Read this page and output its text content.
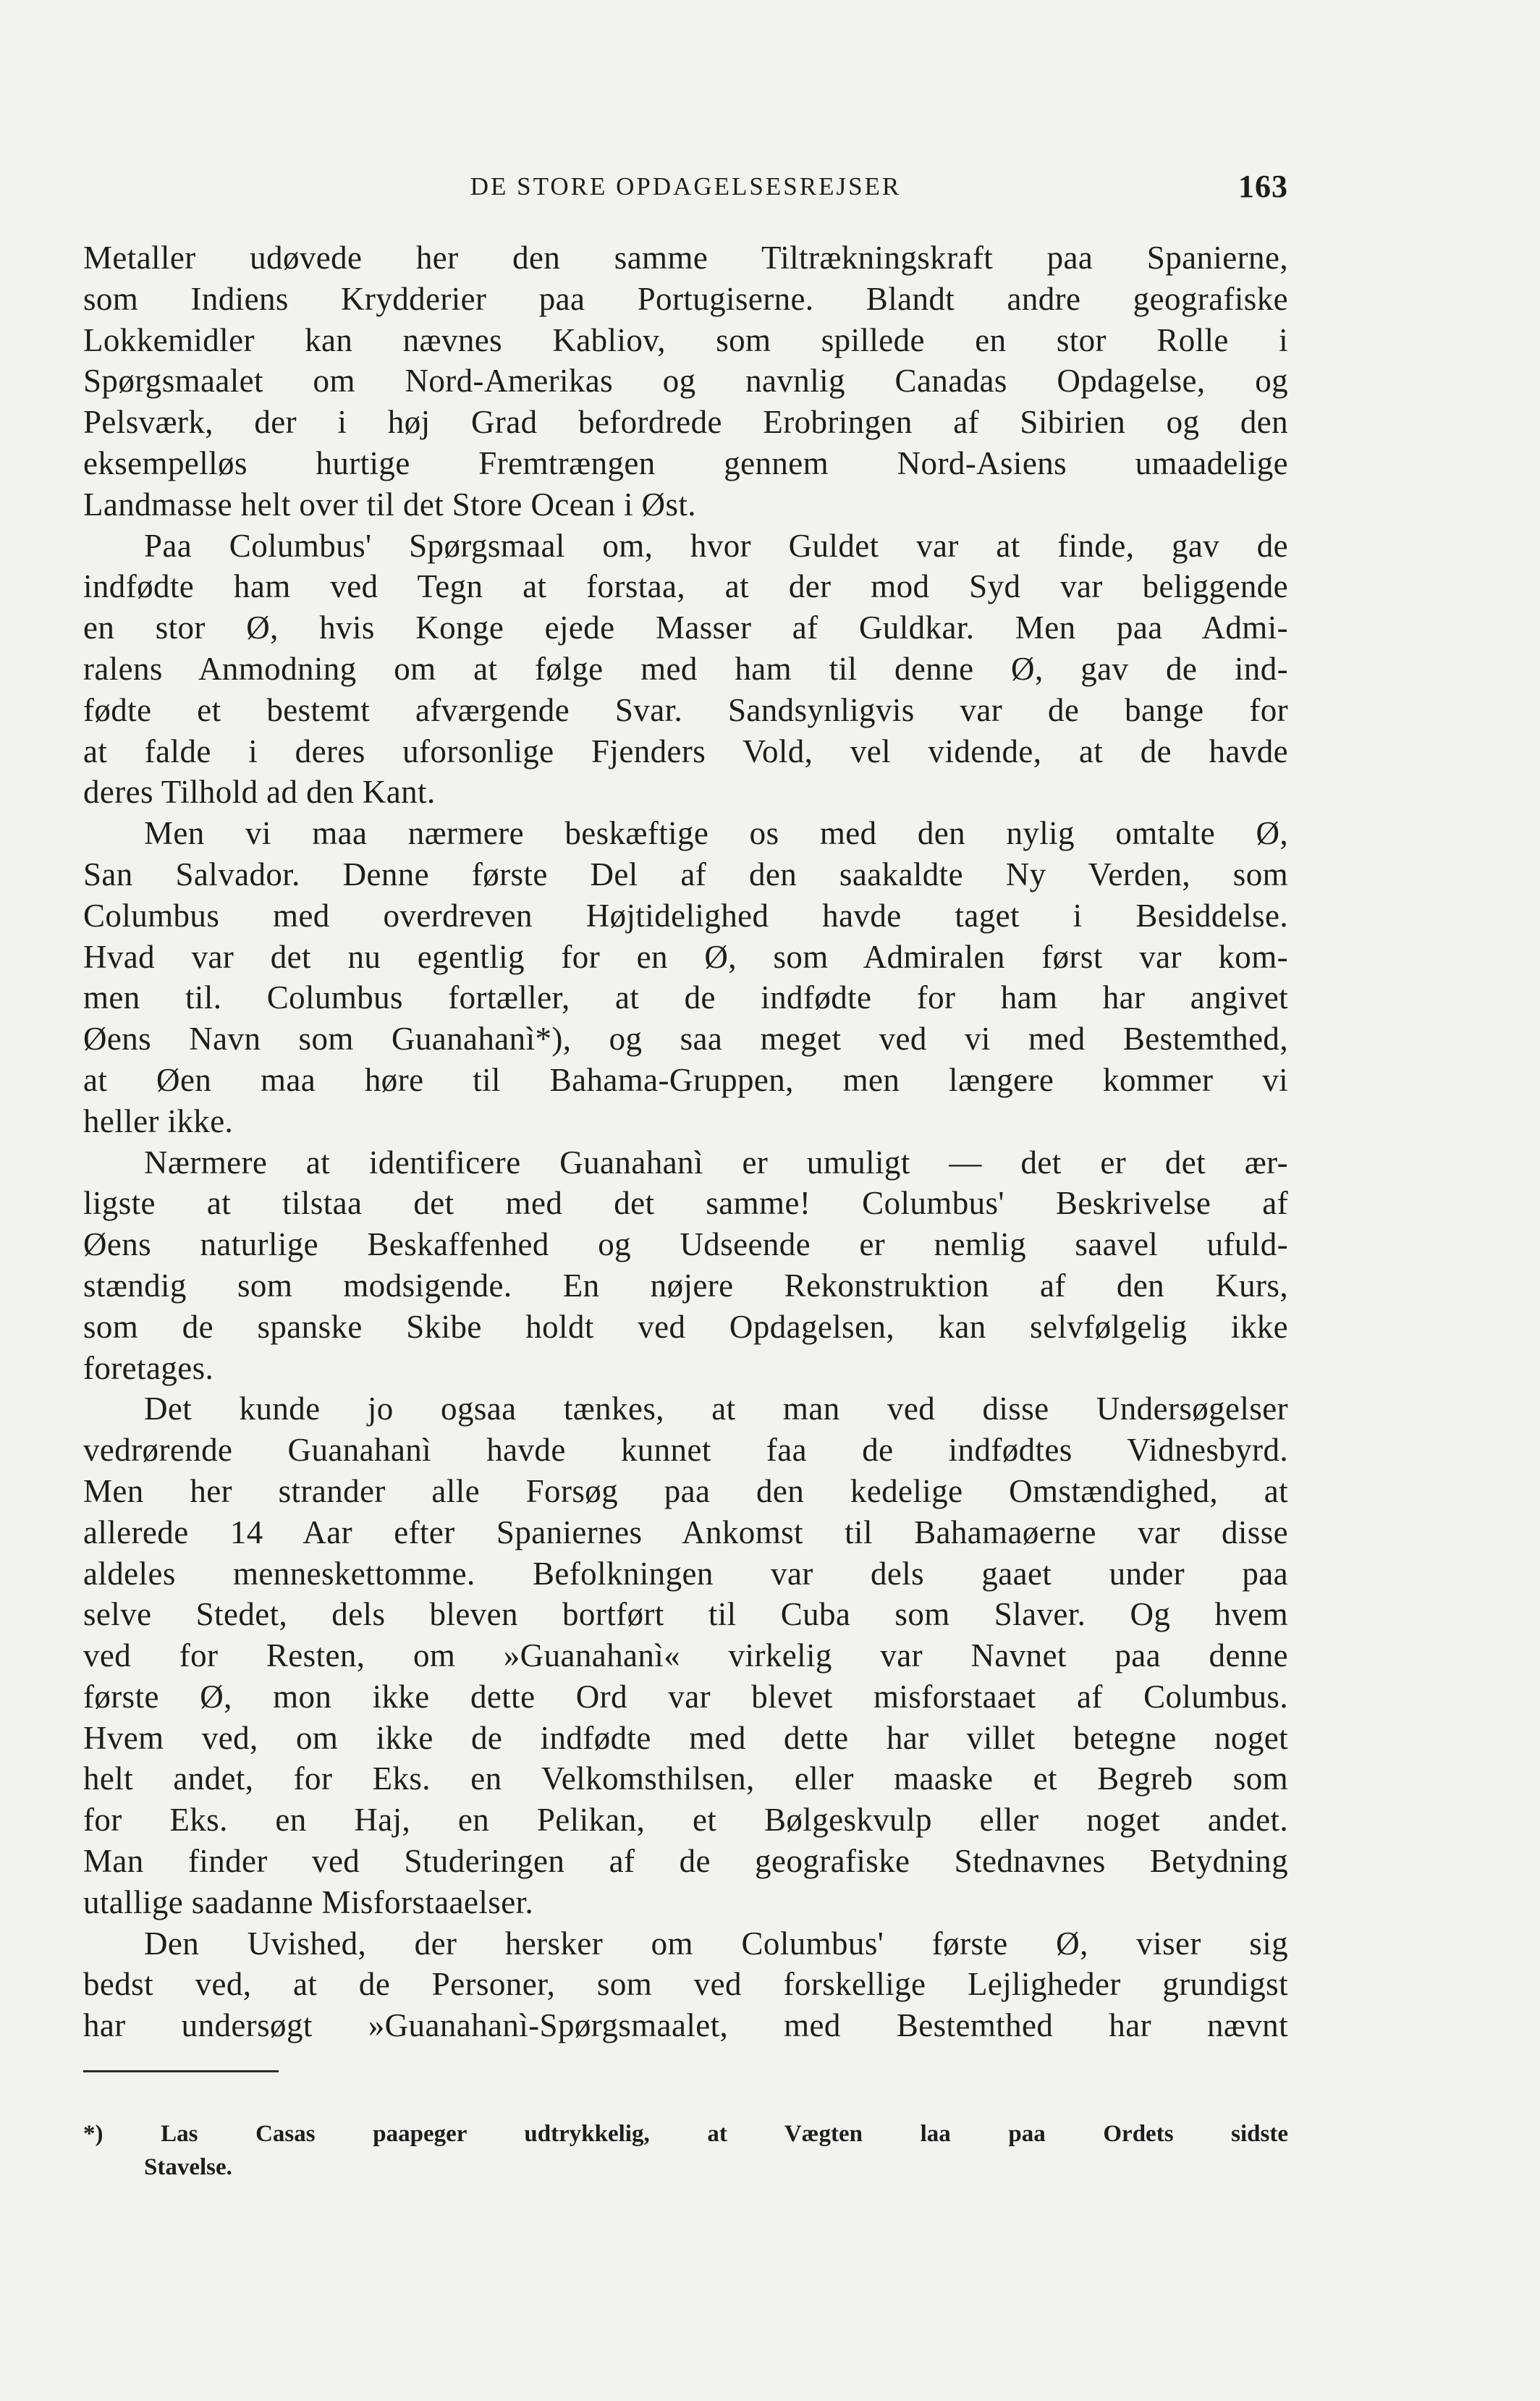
DE STORE OPDAGELSESREJSER	163
Metaller udøvede her den samme Tiltrækningskraft paa Spanierne,
som Indiens Krydderier paa Portugiserne. Blandt andre geografiske
Lokkemidler kan nævnes Kabliov, som spillede en stor Rolle i
Spørgsmaalet om Nord-Amerikas og navnlig Canadas Opdagelse, og
Pelsværk, der i høj Grad befordrede Erobringen af Sibirien og den
eksempelløs hurtige Fremtrængen gennem Nord-Asiens umaadelige
Landmasse helt over til det Store Ocean i Øst.
Paa Columbus' Spørgsmaal om, hvor Guldet var at finde, gav de
indfødte ham ved Tegn at forstaa, at der mod Syd var beliggende
en stor Ø, hvis Konge ejede Masser af Guldkar. Men paa Admi-
ralens Anmodning om at følge med ham til denne Ø, gav de ind-
fødte et bestemt afværgende Svar. Sandsynligvis var de bange for
at falde i deres uforsonlige Fjenders Vold, vel vidende, at de havde
deres Tilhold ad den Kant.
Men vi maa nærmere beskæftige os med den nylig omtalte Ø,
San Salvador. Denne første Del af den saakaldte Ny Verden, som
Columbus med overdreven Højtidelighed havde taget i Besiddelse.
Hvad var det nu egentlig for en Ø, som Admiralen først var kom-
men til. Columbus fortæller, at de indfødte for ham har angivet
Øens Navn som Guanahanì*), og saa meget ved vi med Bestemthed,
at Øen maa høre til Bahama-Gruppen, men længere kommer vi
heller ikke.
Nærmere at identificere Guanahanì er umuligt — det er det ær-
ligste at tilstaa det med det samme! Columbus' Beskrivelse af
Øens naturlige Beskaffenhed og Udseende er nemlig saavel ufuld-
stændig som modsigende. En nøjere Rekonstruktion af den Kurs,
som de spanske Skibe holdt ved Opdagelsen, kan selvfølgelig ikke
foretages.
Det kunde jo ogsaa tænkes, at man ved disse Undersøgelser
vedrørende Guanahanì havde kunnet faa de indfødtes Vidnesbyrd.
Men her strander alle Forsøg paa den kedelige Omstændighed, at
allerede 14 Aar efter Spaniernes Ankomst til Bahamaøerne var disse
aldeles menneskettomme. Befolkningen var dels gaaet under paa
selve Stedet, dels bleven bortført til Cuba som Slaver. Og hvem
ved for Resten, om »Guanahanì« virkelig var Navnet paa denne
første Ø, mon ikke dette Ord var blevet misforstaaet af Columbus.
Hvem ved, om ikke de indfødte med dette har villet betegne noget
helt andet, for Eks. en Velkomsthilsen, eller maaske et Begreb som
for Eks. en Haj, en Pelikan, et Bølgeskvulp eller noget andet.
Man finder ved Studeringen af de geografiske Stednavnes Betydning
utallige saadanne Misforstaaelser.
Den Uvished, der hersker om Columbus' første Ø, viser sig
bedst ved, at de Personer, som ved forskellige Lejligheder grundigst
har undersøgt »Guanahanì-Spørgsmaalet, med Bestemthed har nævnt
*) Las Casas paapeger udtrykkelig, at Vægten laa paa Ordets sidste
Stavelse.
